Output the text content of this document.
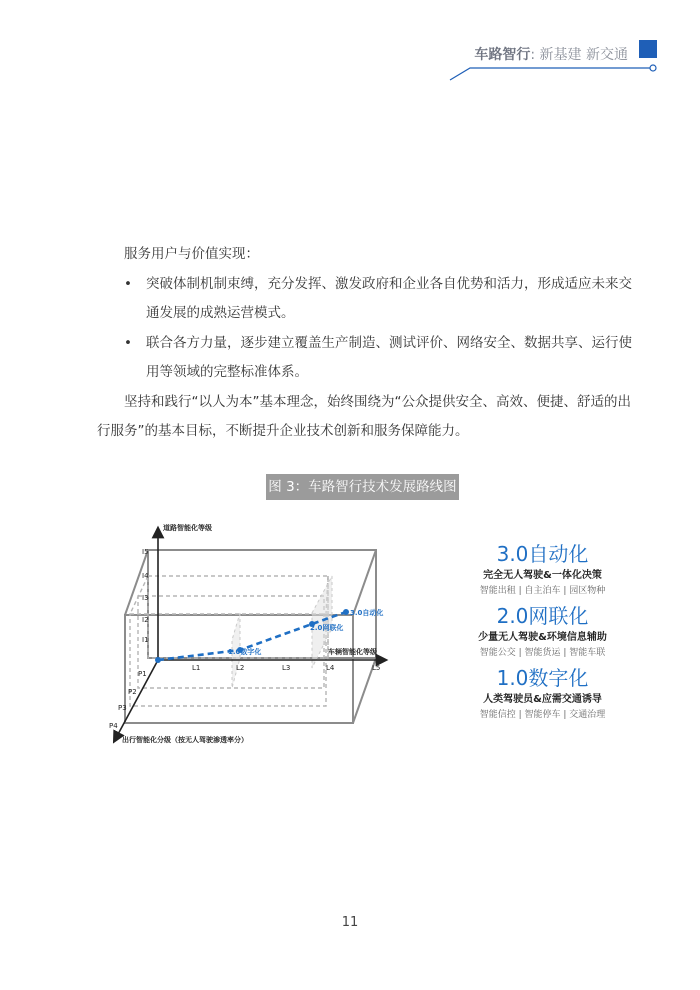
车路智行: 新基建 新交通

服务用户与价值实现：

• 突破体制机制束缚，充分发挥、激发政府和企业各自优势和活力，形成适应未来交通发展的成熟运营模式。

• 联合各方力量，逐步建立覆盖生产制造、测试评价、网络安全、数据共享、运行使用等领域的完整标准体系。

坚持和践行“以人为本”基本理念，始终围绕为“公众提供安全、高效、便捷、舒适的出行服务”的基本目标，不断提升企业技术创新和服务保障能力。

图 3：车路智行技术发展路线图
I5
I4
I3
I2
I1
L1	L2	L3	L4	L5
P1
P2
P3
P4
道路智能化等级
车辆智能化等级
出行智能化分级（按无人驾驶渗透率分）
1.0数字化
2.0网联化
3.0自动化
3.0自动化
完全无人驾驶&一体化决策
智能出租 | 自主泊车 | 园区物种
2.0网联化
少量无人驾驶&环境信息辅助
智能公交 | 智能货运 | 智能车联
1.0数字化
人类驾驶员&应需交通诱导
智能信控 | 智能停车 | 交通治理
11
